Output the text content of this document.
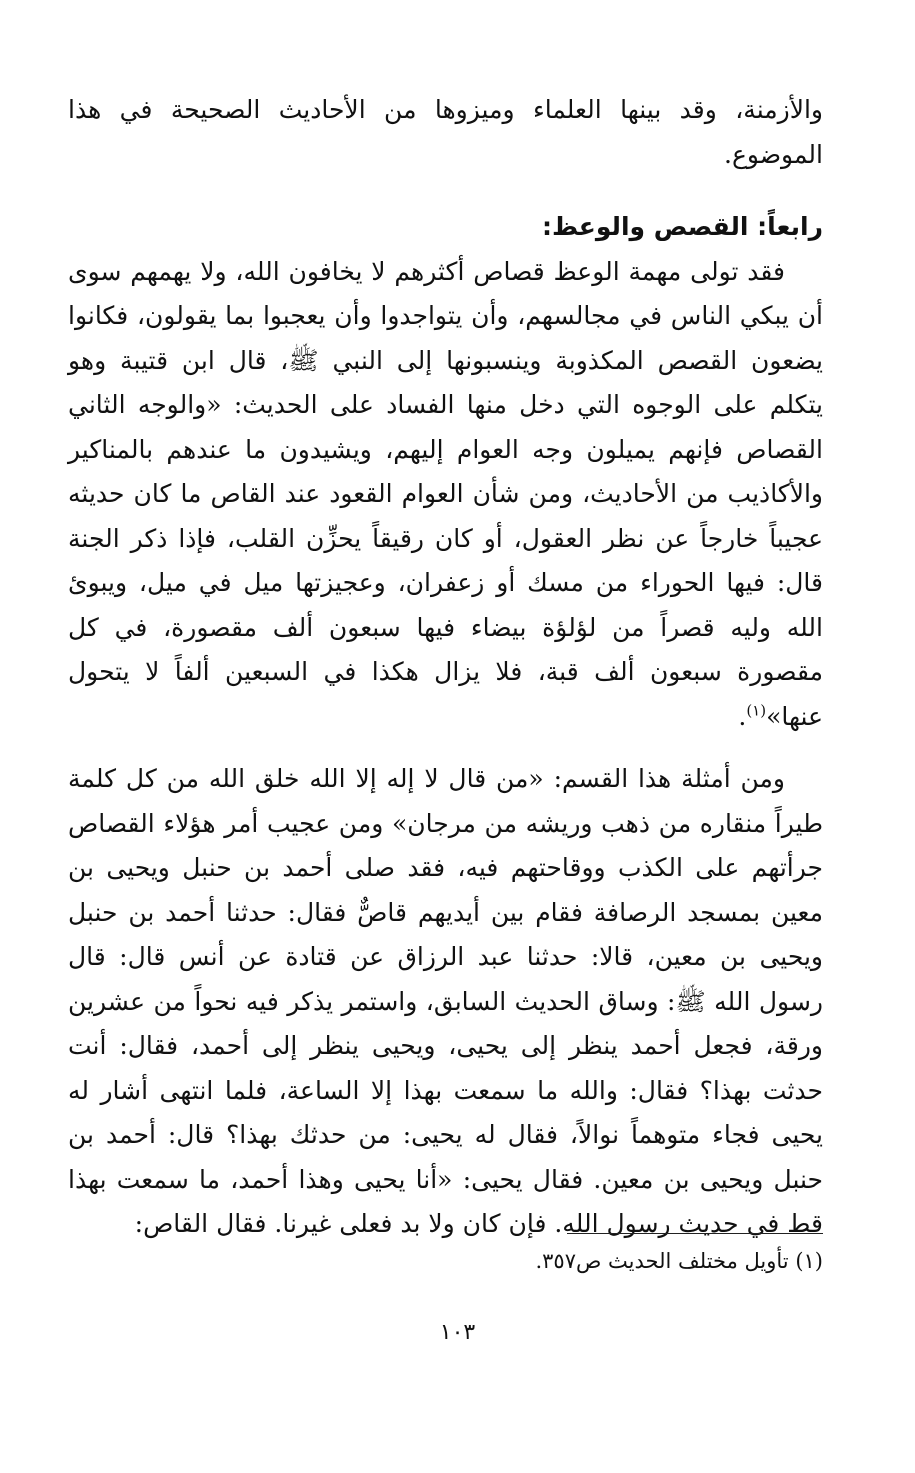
والأزمنة، وقد بينها العلماء وميزوها من الأحاديث الصحيحة في هذا الموضوع.

رابعاً: القصص والوعظ:

فقد تولى مهمة الوعظ قصاص أكثرهم لا يخافون الله، ولا يهمهم سوى أن يبكي الناس في مجالسهم، وأن يتواجدوا وأن يعجبوا بما يقولون، فكانوا يضعون القصص المكذوبة وينسبونها إلى النبي ﷺ، قال ابن قتيبة وهو يتكلم على الوجوه التي دخل منها الفساد على الحديث: «والوجه الثاني القصاص فإنهم يميلون وجه العوام إليهم، ويشيدون ما عندهم بالمناكير والأكاذيب من الأحاديث، ومن شأن العوام القعود عند القاص ما كان حديثه عجيباً خارجاً عن نظر العقول، أو كان رقيقاً يحزِّن القلب، فإذا ذكر الجنة قال: فيها الحوراء من مسك أو زعفران، وعجيزتها ميل في ميل، ويبوئ الله وليه قصراً من لؤلؤة بيضاء فيها سبعون ألف مقصورة، في كل مقصورة سبعون ألف قبة، فلا يزال هكذا في السبعين ألفاً لا يتحول عنها»$^{(١)}$.

ومن أمثلة هذا القسم: «من قال لا إله إلا الله خلق الله من كل كلمة طيراً منقاره من ذهب وريشه من مرجان» ومن عجيب أمر هؤلاء القصاص جرأتهم على الكذب ووقاحتهم فيه، فقد صلى أحمد بن حنبل ويحيى بن معين بمسجد الرصافة فقام بين أيديهم قاصٌّ فقال: حدثنا أحمد بن حنبل ويحيى بن معين، قالا: حدثنا عبد الرزاق عن قتادة عن أنس قال: قال رسول الله ﷺ: وساق الحديث السابق، واستمر يذكر فيه نحواً من عشرين ورقة، فجعل أحمد ينظر إلى يحيى، ويحيى ينظر إلى أحمد، فقال: أنت حدثت بهذا؟ فقال: والله ما سمعت بهذا إلا الساعة، فلما انتهى أشار له يحيى فجاء متوهماً نوالاً، فقال له يحيى: من حدثك بهذا؟ قال: أحمد بن حنبل ويحيى بن معين. فقال يحيى: «أنا يحيى وهذا أحمد، ما سمعت بهذا قط في حديث رسول الله. فإن كان ولا بد فعلى غيرنا. فقال القاص:

(١) تأويل مختلف الحديث ص٣٥٧.
١٠٣
